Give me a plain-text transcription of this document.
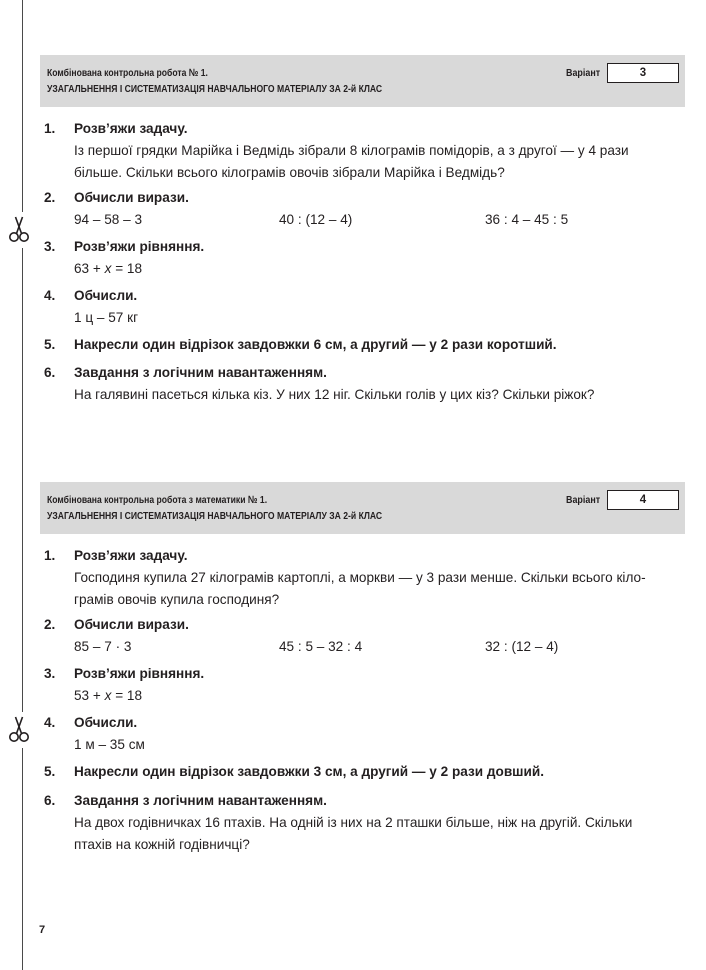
Комбінована контрольна робота № 1.
УЗАГАЛЬНЕННЯ І СИСТЕМАТИЗАЦІЯ НАВЧАЛЬНОГО МАТЕРІАЛУ ЗА 2-й КЛАС
Варіант	3
1.	Розв’яжи задачу.
Із першої грядки Марійка і Ведмідь зібрали 8 кілограмів помідорів, а з другої — у 4 рази
більше. Скільки всього кілограмів овочів зібрали Марійка і Ведмідь?
2.	Обчисли вирази.
94 – 58 – 3	40 : (12 – 4)	36 : 4 – 45 : 5
3.	Розв’яжи рівняння.
63 + x = 18
4.	Обчисли.
1 ц – 57 кг
5.	Накресли один відрізок завдовжки 6 см, а другий — у 2 рази коротший.
6.	Завдання з логічним навантаженням.
На галявині пасеться кілька кіз. У них 12 ніг. Скільки голів у цих кіз? Скільки ріжок?
Комбінована контрольна робота з математики № 1.
УЗАГАЛЬНЕННЯ І СИСТЕМАТИЗАЦІЯ НАВЧАЛЬНОГО МАТЕРІАЛУ ЗА 2-й КЛАС
Варіант	4
1.	Розв’яжи задачу.
Господиня купила 27 кілограмів картоплі, а моркви — у 3 рази менше. Скільки всього кіло-
грамів овочів купила господиня?
2.	Обчисли вирази.
85 – 7 · 3	45 : 5 – 32 : 4	32 : (12 – 4)
3.	Розв’яжи рівняння.
53 + x = 18
4.	Обчисли.
1 м – 35 см
5.	Накресли один відрізок завдовжки 3 см, а другий — у 2 рази довший.
6.	Завдання з логічним навантаженням.
На двох годівничках 16 птахів. На одній із них на 2 пташки більше, ніж на другій. Скільки
птахів на кожній годівничці?
7
